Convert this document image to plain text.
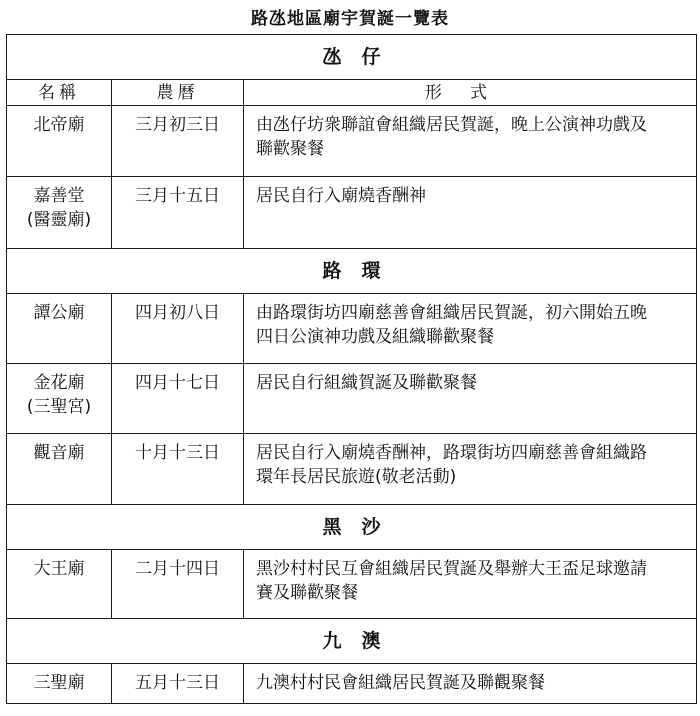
路氹地區廟宇賀誕一覽表
氹仔		
名稱	農曆	形式

北帝廟	三月初三日	由氹仔坊衆聯誼會組織居民賀誕，晚上公演神功戲及
聯歡聚餐

嘉善堂
(醫靈廟)	三月十五日	居民自行入廟燒香酬神

路環		

譚公廟	四月初八日	由路環街坊四廟慈善會組織居民賀誕，初六開始五晚
四日公演神功戲及組織聯歡聚餐

金花廟
(三聖宮)	四月十七日	居民自行組織賀誕及聯歡聚餐

觀音廟	十月十三日	居民自行入廟燒香酬神，路環街坊四廟慈善會組織路
環年長居民旅遊(敬老活動)

黑沙		

大王廟	二月十四日	黑沙村村民互會組織居民賀誕及舉辦大王盃足球邀請
賽及聯歡聚餐

九澳		

三聖廟	五月十三日	九澳村村民會組織居民賀誕及聯觀聚餐
